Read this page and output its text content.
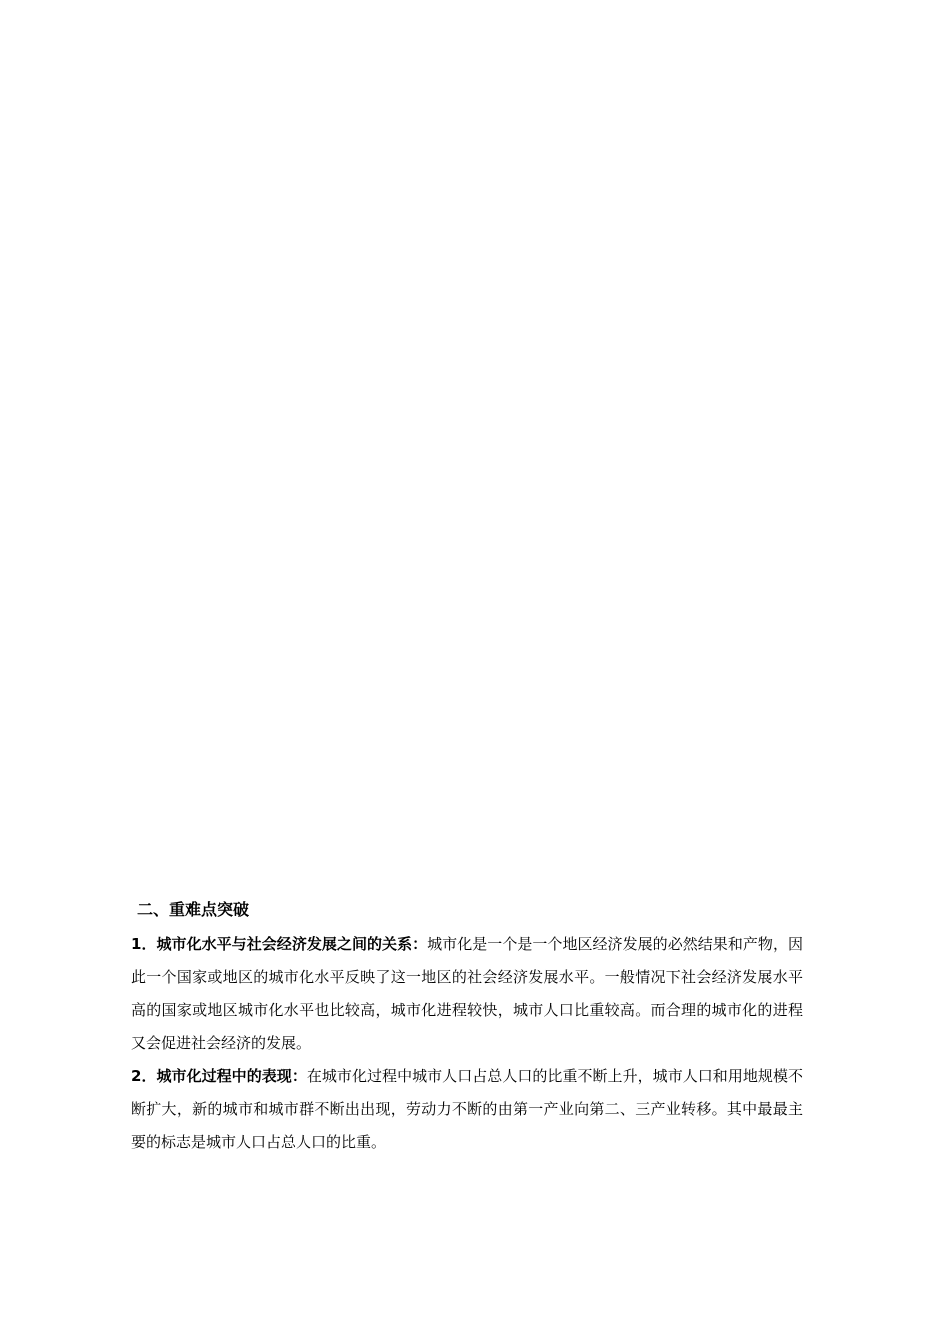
二、重难点突破

1．城市化水平与社会经济发展之间的关系：城市化是一个是一个地区经济发展的必然结果和产物，因此一个国家或地区的城市化水平反映了这一地区的社会经济发展水平。一般情况下社会经济发展水平高的国家或地区城市化水平也比较高，城市化进程较快，城市人口比重较高。而合理的城市化的进程又会促进社会经济的发展。

2．城市化过程中的表现：在城市化过程中城市人口占总人口的比重不断上升，城市人口和用地规模不断扩大，新的城市和城市群不断出出现，劳动力不断的由第一产业向第二、三产业转移。其中最最主要的标志是城市人口占总人口的比重。
